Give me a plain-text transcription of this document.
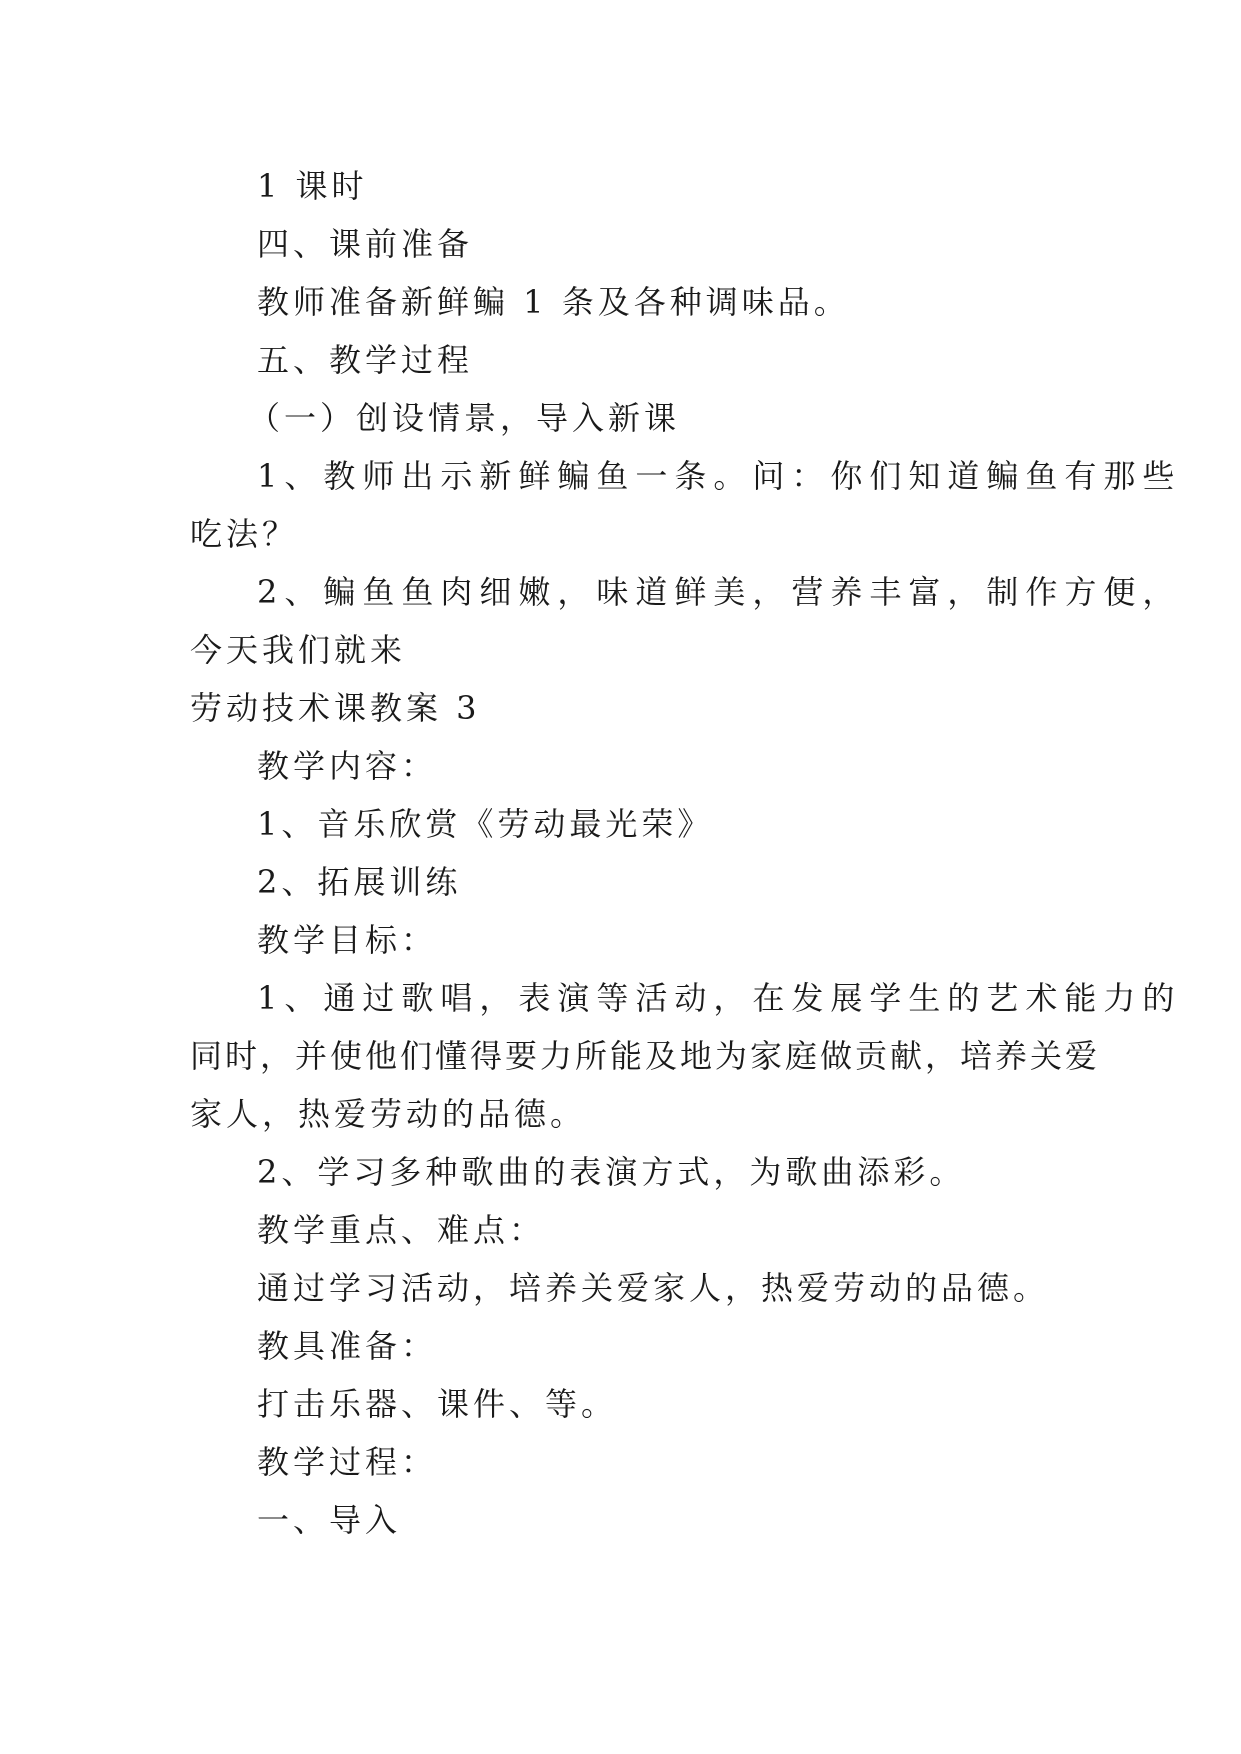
1 课时
四、课前准备
教师准备新鲜鳊 1 条及各种调味品。
五、教学过程
（一）创设情景，导入新课
1、教师出示新鲜鳊鱼一条。问：你们知道鳊鱼有那些
吃法？
2、鳊鱼鱼肉细嫩，味道鲜美，营养丰富，制作方便，
今天我们就来
劳动技术课教案 3
教学内容：
1、音乐欣赏《劳动最光荣》
2、拓展训练
教学目标：
1、通过歌唱，表演等活动，在发展学生的艺术能力的
同时，并使他们懂得要力所能及地为家庭做贡献，培养关爱
家人，热爱劳动的品德。
2、学习多种歌曲的表演方式，为歌曲添彩。
教学重点、难点：
通过学习活动，培养关爱家人，热爱劳动的品德。
教具准备：
打击乐器、课件、等。
教学过程：
一、导入
